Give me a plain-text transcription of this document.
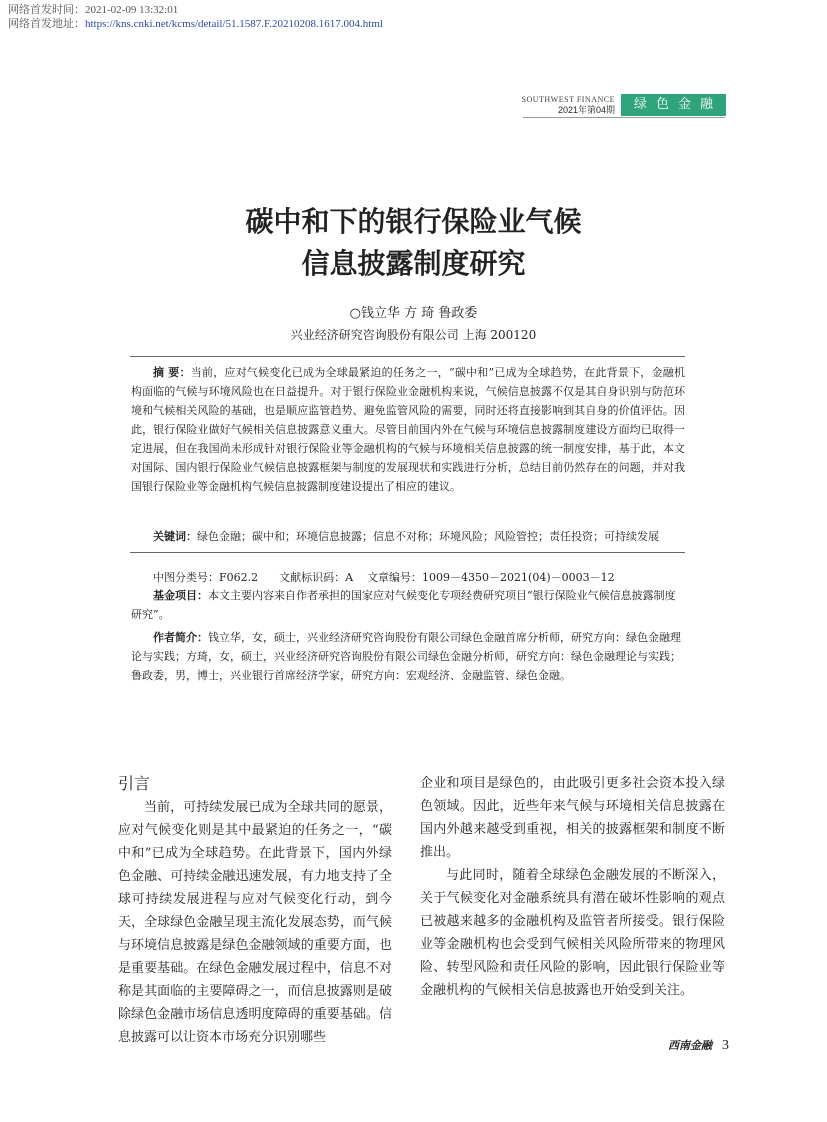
网络首发时间：2021-02-09 13:32:01
网络首发地址：https://kns.cnki.net/kcms/detail/51.1587.F.20210208.1617.004.html
SOUTHWEST FINANCE
2021年第04期	绿色金融
碳中和下的银行保险业气候
信息披露制度研究
○钱立华 方 琦 鲁政委
兴业经济研究咨询股份有限公司 上海 200120
摘 要：当前，应对气候变化已成为全球最紧迫的任务之一，“碳中和”已成为全球趋势，在此背景下，金融机构面临的气候与环境风险也在日益提升。对于银行保险业金融机构来说，气候信息披露不仅是其自身识别与防范环境和气候相关风险的基础，也是顺应监管趋势、避免监管风险的需要，同时还将直接影响到其自身的价值评估。因此，银行保险业做好气候相关信息披露意义重大。尽管目前国内外在气候与环境信息披露制度建设方面均已取得一定进展，但在我国尚未形成针对银行保险业等金融机构的气候与环境相关信息披露的统一制度安排，基于此，本文对国际、国内银行保险业气候信息披露框架与制度的发展现状和实践进行分析，总结目前仍然存在的问题，并对我国银行保险业等金融机构气候信息披露制度建设提出了相应的建议。
关键词：绿色金融；碳中和；环境信息披露；信息不对称；环境风险；风险管控；责任投资；可持续发展
中图分类号：F062.2 文献标识码：A 文章编号：1009－4350－2021(04)－0003－12
基金项目：本文主要内容来自作者承担的国家应对气候变化专项经费研究项目“银行保险业气候信息披露制度研究”。
作者简介：钱立华，女，硕士，兴业经济研究咨询股份有限公司绿色金融首席分析师，研究方向：绿色金融理论与实践；方琦，女，硕士，兴业经济研究咨询股份有限公司绿色金融分析师，研究方向：绿色金融理论与实践；鲁政委，男，博士，兴业银行首席经济学家，研究方向：宏观经济、金融监管、绿色金融。
引言

当前，可持续发展已成为全球共同的愿景，应对气候变化则是其中最紧迫的任务之一，“碳中和”已成为全球趋势。在此背景下，国内外绿色金融、可持续金融迅速发展，有力地支持了全球可持续发展进程与应对气候变化行动，到今天，全球绿色金融呈现主流化发展态势，而气候与环境信息披露是绿色金融领域的重要方面，也是重要基础。在绿色金融发展过程中，信息不对称是其面临的主要障碍之一，而信息披露则是破除绿色金融市场信息透明度障碍的重要基础。信息披露可以让资本市场充分识别哪些

企业和项目是绿色的，由此吸引更多社会资本投入绿色领域。因此，近些年来气候与环境相关信息披露在国内外越来越受到重视，相关的披露框架和制度不断推出。

与此同时，随着全球绿色金融发展的不断深入，关于气候变化对金融系统具有潜在破坏性影响的观点已被越来越多的金融机构及监管者所接受。银行保险业等金融机构也会受到气候相关风险所带来的物理风险、转型风险和责任风险的影响，因此银行保险业等金融机构的气候相关信息披露也开始受到关注。

西南金融 3
